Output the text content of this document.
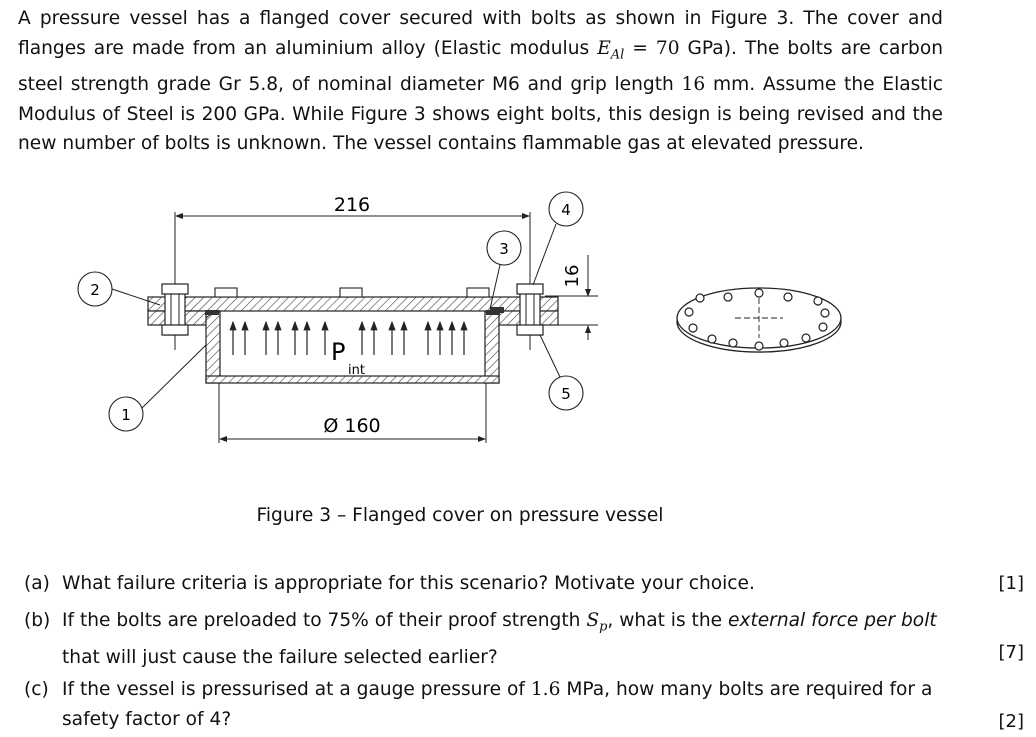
A pressure vessel has a flanged cover secured with bolts as shown in Figure 3. The cover and flanges are made from an aluminium alloy (Elastic modulus $E_{Al} = 70$ GPa). The bolts are carbon steel strength grade Gr 5.8, of nominal diameter M6 and grip length 16 mm. Assume the Elastic Modulus of Steel is 200 GPa. While Figure 3 shows eight bolts, this design is being revised and the new number of bolts is unknown. The vessel contains flammable gas at elevated pressure.
216
P
int
Ø 160
16
2
1
3
4
5
Figure 3 – Flanged cover on pressure vessel
(a) What failure criteria is appropriate for this scenario? Motivate your choice.	[1]
(b) If the bolts are preloaded to 75% of their proof strength $S_p$, what is the external force per bolt that will just cause the failure selected earlier?	[7]
(c) If the vessel is pressurised at a gauge pressure of 1.6 MPa, how many bolts are required for a safety factor of 4?	[2]
